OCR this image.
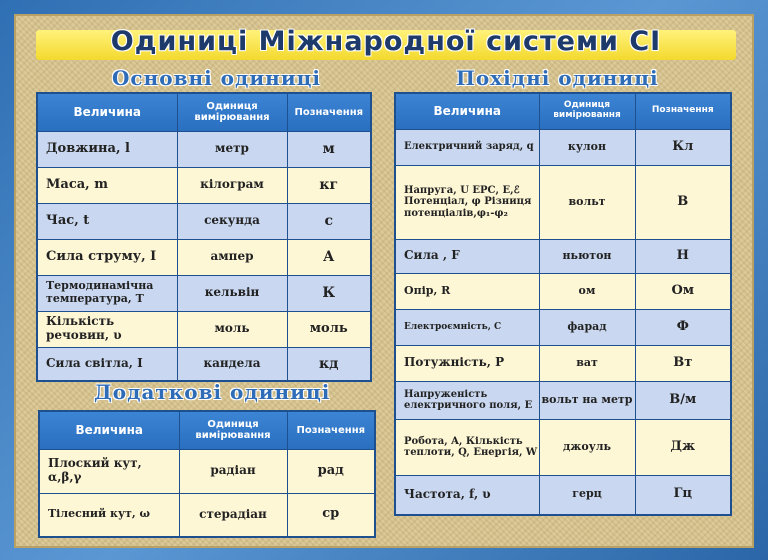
Одиниці Міжнародної системи СІ
Основні одиниці
Величина	Одиниця вимірювання	Позначення
Довжина, l	метр	м
Маса, m	кілограм	кг
Час, t	секунда	с
Сила струму, I	ампер	А
Термодинамічна температура, T	кельвін	К
Кількість речовин, υ	моль	моль
Сила світла, I	кандела	кд
Додаткові одиниці
Величина	Одиниця вимірювання	Позначення
Плоский кут, α,β,γ	радіан	рад
Тілесний кут, ω	стерадіан	ср
Похідні одиниці
Величина	Одиниця вимірювання	Позначення
Електричний заряд, q	кулон	Кл
Напруга, U ЕРС, E,ℰ Потенціал, φ Різниця потенціалів,φ₁-φ₂	вольт	В
Сила , F	ньютон	Н
Опір, R	ом	Ом
Електроємність, С	фарад	Ф
Потужність, P	ват	Вт
Напруженість електричного поля, E	вольт на метр	В/м
Робота, A, Кількість теплоти, Q, Енергія, W	джоуль	Дж
Частота, f, υ	герц	Гц
